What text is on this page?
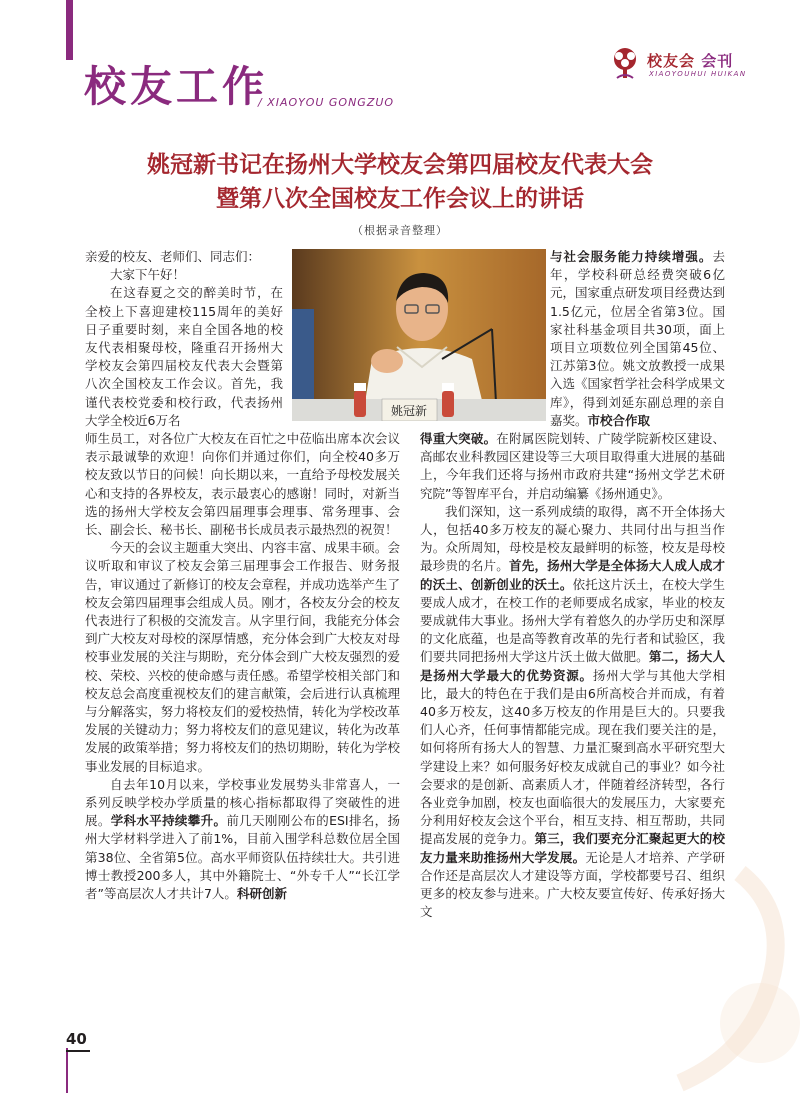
校友工作
/ XIAOYOU GONGZUO
校友会 会刊
XIAOYOUHUI HUIKAN
姚冠新书记在扬州大学校友会第四届校友代表大会
暨第八次全国校友工作会议上的讲话
（根据录音整理）
姚冠新

亲爱的校友、老师们、同志们：

大家下午好！

在这春夏之交的醉美时节，在全校上下喜迎建校115周年的美好日子重要时刻，来自全国各地的校友代表相聚母校，隆重召开扬州大学校友会第四届校友代表大会暨第八次全国校友工作会议。首先，我谨代表校党委和校行政，代表扬州大学全校近6万名

师生员工，对各位广大校友在百忙之中莅临出席本次会议表示最诚挚的欢迎！向你们并通过你们，向全校40多万校友致以节日的问候！向长期以来，一直给予母校发展关心和支持的各界校友，表示最衷心的感谢！同时，对新当选的扬州大学校友会第四届理事会理事、常务理事、会长、副会长、秘书长、副秘书长成员表示最热烈的祝贺！

今天的会议主题重大突出、内容丰富、成果丰硕。会议听取和审议了校友会第三届理事会工作报告、财务报告，审议通过了新修订的校友会章程，并成功选举产生了校友会第四届理事会组成人员。刚才，各校友分会的校友代表进行了积极的交流发言。从字里行间，我能充分体会到广大校友对母校的深厚情感，充分体会到广大校友对母校事业发展的关注与期盼，充分体会到广大校友强烈的爱校、荣校、兴校的使命感与责任感。希望学校相关部门和校友总会高度重视校友们的建言献策，会后进行认真梳理与分解落实，努力将校友们的爱校热情，转化为学校改革发展的关键动力；努力将校友们的意见建议，转化为改革发展的政策举措；努力将校友们的热切期盼，转化为学校事业发展的目标追求。

自去年10月以来，学校事业发展势头非常喜人，一系列反映学校办学质量的核心指标都取得了突破性的进展。学科水平持续攀升。前几天刚刚公布的ESI排名，扬州大学材料学进入了前1%，目前入围学科总数位居全国第38位、全省第5位。高水平师资队伍持续壮大。共引进博士教授200多人，其中外籍院士、“外专千人”“长江学者”等高层次人才共计7人。科研创新

与社会服务能力持续增强。去年，学校科研总经费突破6亿元，国家重点研发项目经费达到1.5亿元，位居全省第3位。国家社科基金项目共30项，面上项目立项数位列全国第45位、江苏第3位。姚文放教授一成果入选《国家哲学社会科学成果文库》，得到刘延东副总理的亲自嘉奖。市校合作取

得重大突破。在附属医院划转、广陵学院新校区建设、高邮农业科教园区建设等三大项目取得重大进展的基础上，今年我们还将与扬州市政府共建“扬州文学艺术研究院”等智库平台，并启动编纂《扬州通史》。

我们深知，这一系列成绩的取得，离不开全体扬大人，包括40多万校友的凝心聚力、共同付出与担当作为。众所周知，母校是校友最鲜明的标签，校友是母校最珍贵的名片。首先，扬州大学是全体扬大人成人成才的沃土、创新创业的沃土。依托这片沃土，在校大学生要成人成才，在校工作的老师要成名成家，毕业的校友要成就伟大事业。扬州大学有着悠久的办学历史和深厚的文化底蕴，也是高等教育改革的先行者和试验区，我们要共同把扬州大学这片沃土做大做肥。第二，扬大人是扬州大学最大的优势资源。扬州大学与其他大学相比，最大的特色在于我们是由6所高校合并而成，有着40多万校友，这40多万校友的作用是巨大的。只要我们人心齐，任何事情都能完成。现在我们要关注的是，如何将所有扬大人的智慧、力量汇聚到高水平研究型大学建设上来？如何服务好校友成就自己的事业？如今社会要求的是创新、高素质人才，伴随着经济转型，各行各业竞争加剧，校友也面临很大的发展压力，大家要充分利用好校友会这个平台，相互支持、相互帮助，共同提高发展的竞争力。第三，我们要充分汇聚起更大的校友力量来助推扬州大学发展。无论是人才培养、产学研合作还是高层次人才建设等方面，学校都要号召、组织更多的校友参与进来。广大校友要宣传好、传承好扬大文

40
